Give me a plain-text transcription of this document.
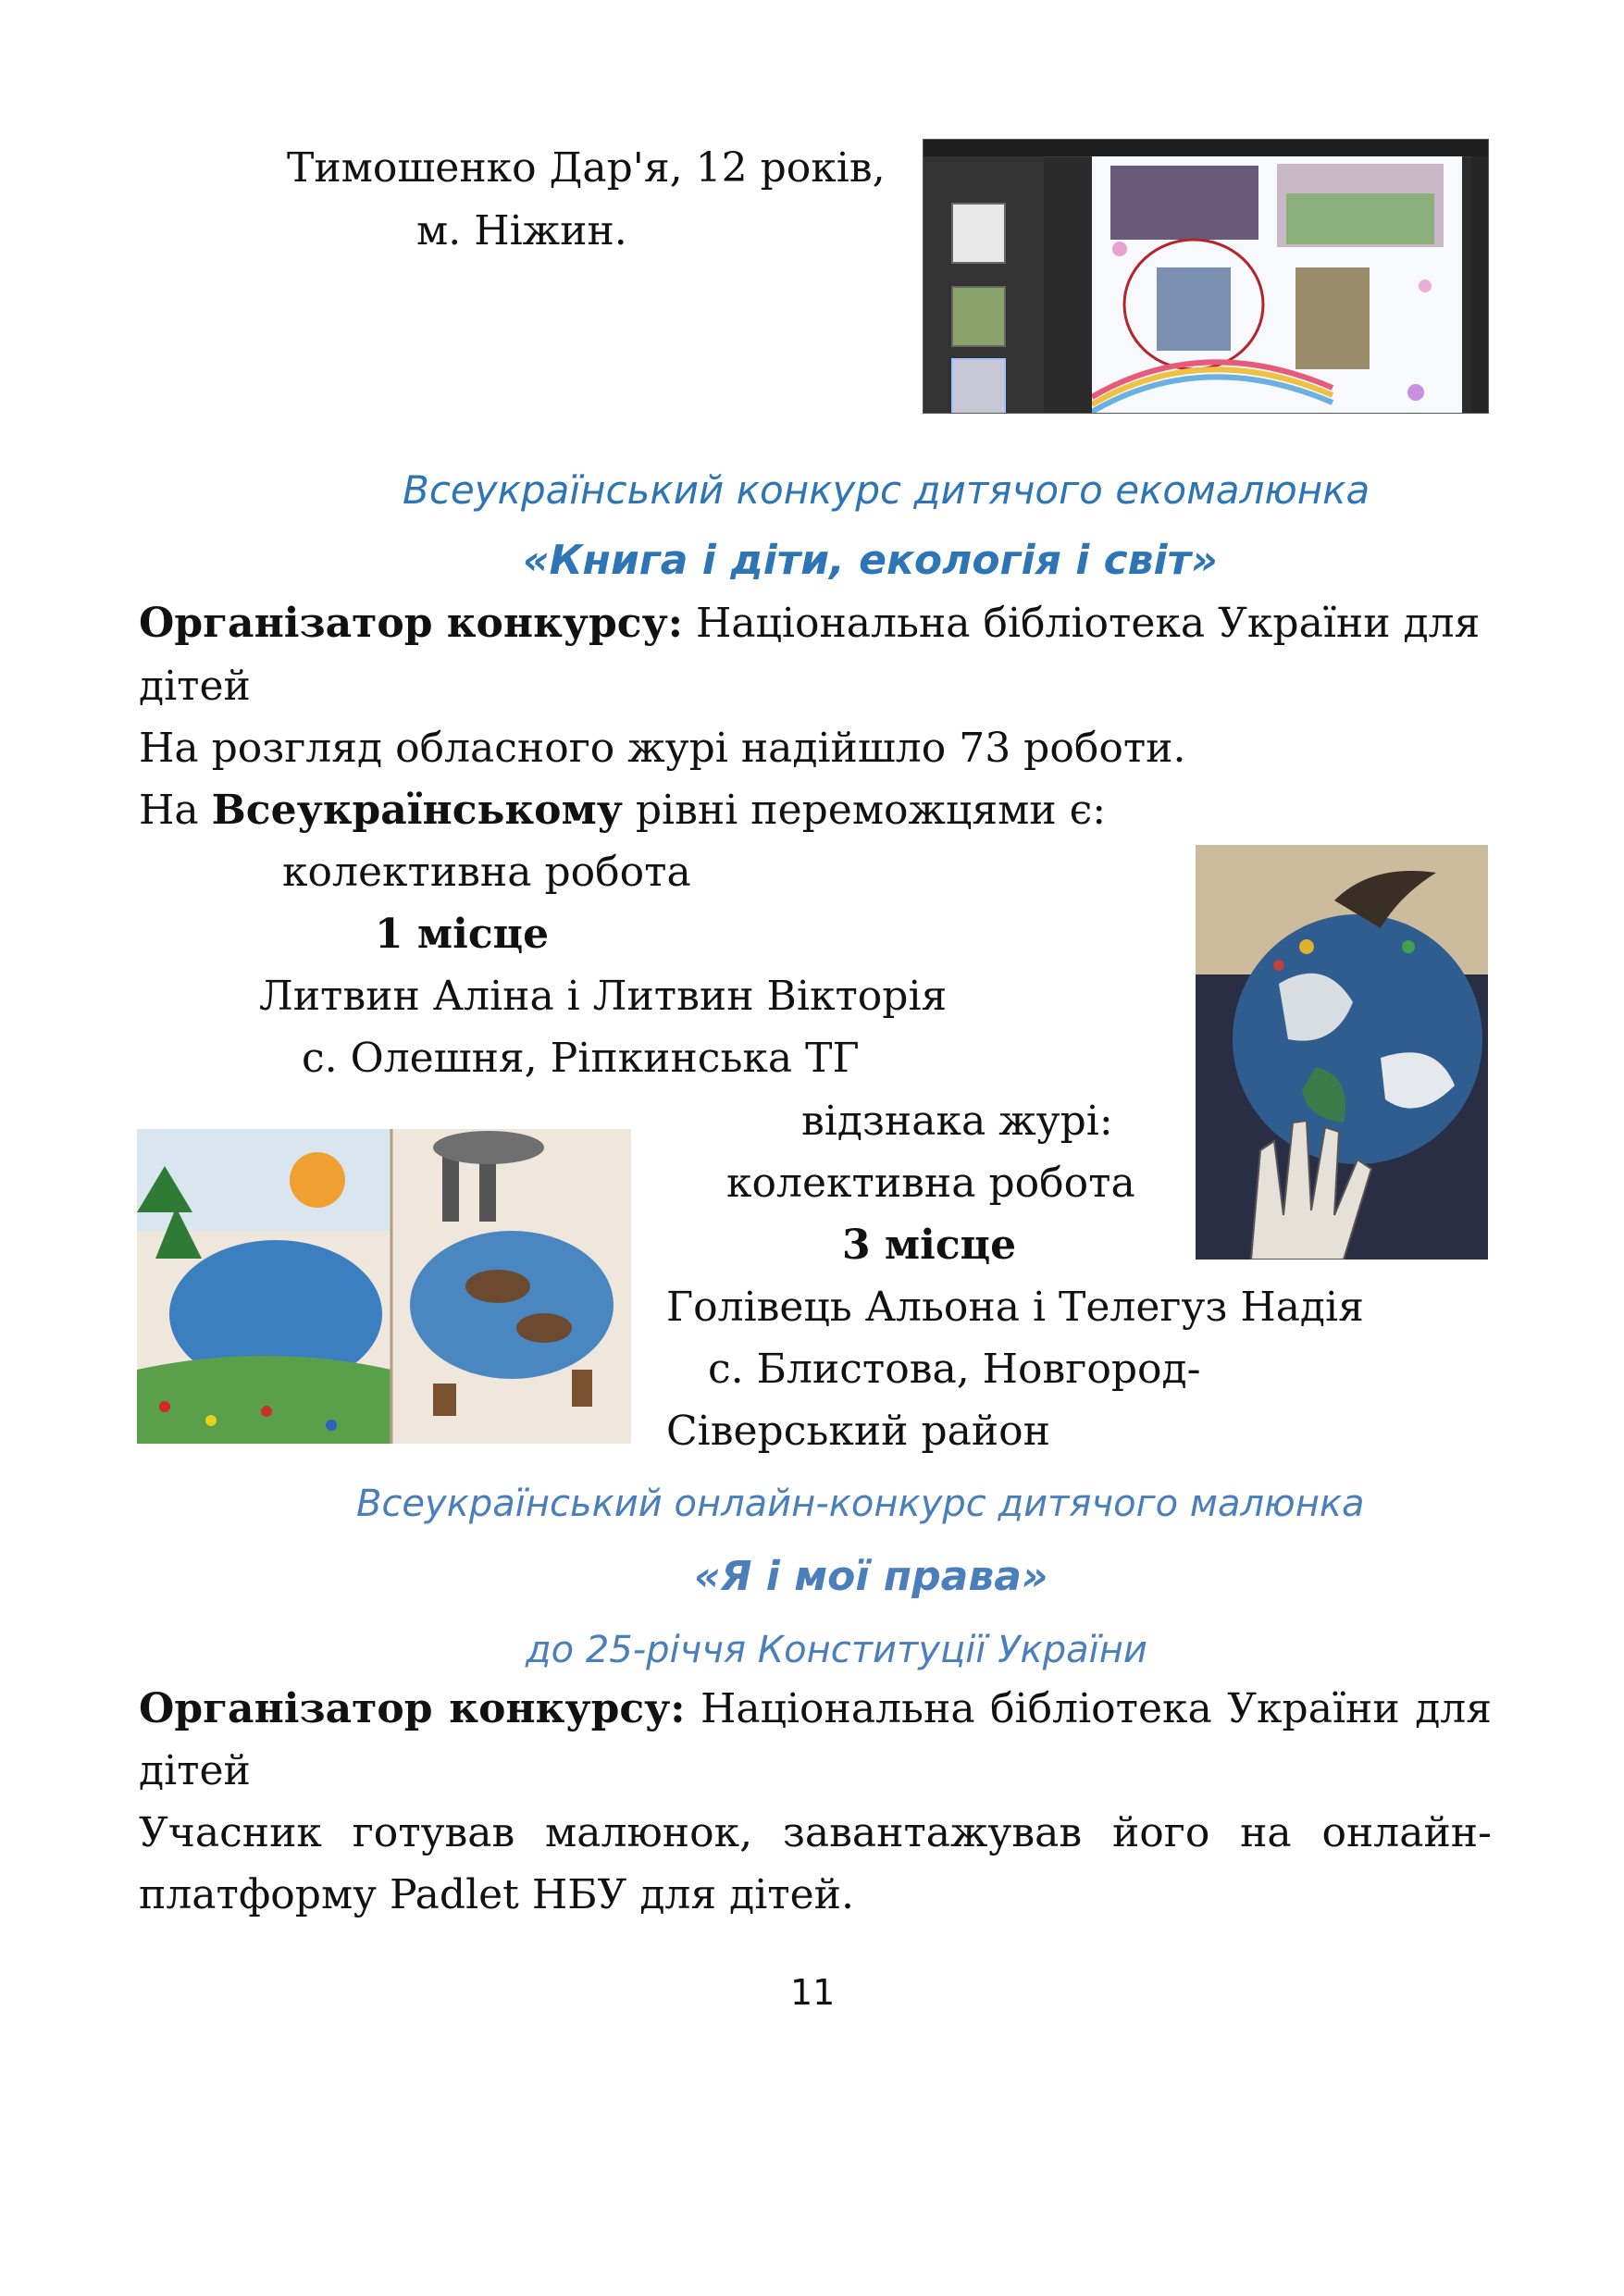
Тимошенко Дар'я, 12 років,
м. Ніжин.
Всеукраїнський конкурс дитячого екомалюнка
«Книга і діти, екологія і світ»
Організатор конкурсу: Національна бібліотека України для
дітей
На розгляд обласного журі надійшло 73 роботи.
На Всеукраїнському рівні переможцями є:
колективна робота
1 місце
Литвин Аліна і Литвин Вікторія
с. Олешня, Ріпкинська ТГ
відзнака журі:
колективна робота
3 місце
Голівець Альона і Телегуз Надія
с. Блистова, Новгород-
Сіверський район
Всеукраїнський онлайн-конкурс дитячого малюнка
«Я і мої права»
до 25-річчя Конституції України
Організатор конкурсу: Національна бібліотека України для
дітей
Учасник готував малюнок, завантажував його на онлайн-
платформу Padlet НБУ для дітей.
11
